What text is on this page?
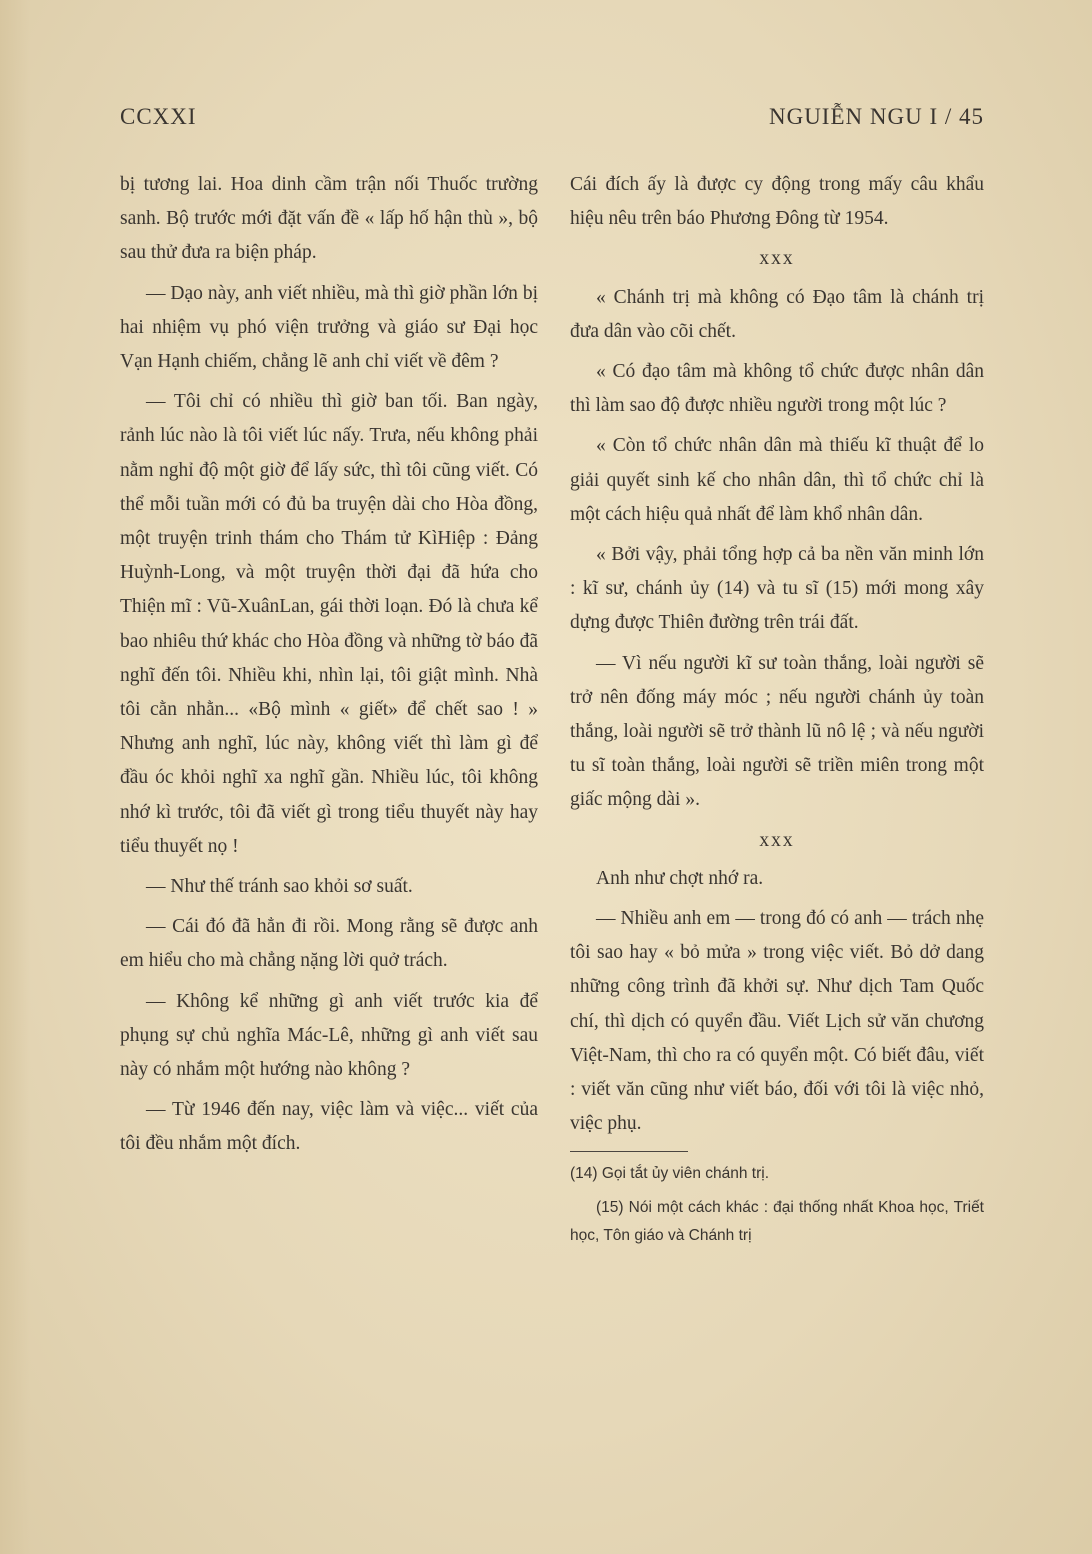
CCXXI	NGUIỄN NGU I / 45

bị tương lai. Hoa dinh cầm trận nối Thuốc trường sanh. Bộ trước mới đặt vấn đề « lấp hố hận thù », bộ sau thử đưa ra biện pháp.

— Dạo này, anh viết nhiều, mà thì giờ phần lớn bị hai nhiệm vụ phó viện trưởng và giáo sư Đại học Vạn Hạnh chiếm, chẳng lẽ anh chỉ viết về đêm ?

— Tôi chỉ có nhiều thì giờ ban tối. Ban ngày, rảnh lúc nào là tôi viết lúc nấy. Trưa, nếu không phải nằm nghỉ độ một giờ để lấy sức, thì tôi cũng viết. Có thể mỗi tuần mới có đủ ba truyện dài cho Hòa đồng, một truyện trinh thám cho Thám tử KìHiệp : Đảng Huỳnh-Long, và một truyện thời đại đã hứa cho Thiện mĩ : Vũ-XuânLan, gái thời loạn. Đó là chưa kể bao nhiêu thứ khác cho Hòa đồng và những tờ báo đã nghĩ đến tôi. Nhiều khi, nhìn lại, tôi giật mình. Nhà tôi cằn nhằn... «Bộ mình « giết» để chết sao ! » Nhưng anh nghĩ, lúc này, không viết thì làm gì để đầu óc khỏi nghĩ xa nghĩ gần. Nhiều lúc, tôi không nhớ kì trước, tôi đã viết gì trong tiểu thuyết này hay tiểu thuyết nọ !

— Như thế tránh sao khỏi sơ suất.

— Cái đó đã hẳn đi rồi. Mong rằng sẽ được anh em hiểu cho mà chẳng nặng lời quở trách.

— Không kể những gì anh viết trước kia để phụng sự chủ nghĩa Mác-Lê, những gì anh viết sau này có nhắm một hướng nào không ?

— Từ 1946 đến nay, việc làm và việc... viết của tôi đều nhắm một đích.

Cái đích ấy là được cy động trong mấy câu khẩu hiệu nêu trên báo Phương Đông từ 1954.

xxx

« Chánh trị mà không có Đạo tâm là chánh trị đưa dân vào cõi chết.

« Có đạo tâm mà không tổ chức được nhân dân thì làm sao độ được nhiều người trong một lúc ?

« Còn tổ chức nhân dân mà thiếu kĩ thuật để lo giải quyết sinh kế cho nhân dân, thì tổ chức chỉ là một cách hiệu quả nhất để làm khổ nhân dân.

« Bởi vậy, phải tổng hợp cả ba nền văn minh lớn : kĩ sư, chánh ủy (14) và tu sĩ (15) mới mong xây dựng được Thiên đường trên trái đất.

— Vì nếu người kĩ sư toàn thắng, loài người sẽ trở nên đống máy móc ; nếu người chánh ủy toàn thắng, loài người sẽ trở thành lũ nô lệ ; và nếu người tu sĩ toàn thắng, loài người sẽ triền miên trong một giấc mộng dài ».

xxx

Anh như chợt nhớ ra.

— Nhiều anh em — trong đó có anh — trách nhẹ tôi sao hay « bỏ mửa » trong việc viết. Bỏ dở dang những công trình đã khởi sự. Như dịch Tam Quốc chí, thì dịch có quyển đầu. Viết Lịch sử văn chương Việt-Nam, thì cho ra có quyển một. Có biết đâu, viết : viết văn cũng như viết báo, đối với tôi là việc nhỏ, việc phụ.

(14) Gọi tắt ủy viên chánh trị.

(15) Nói một cách khác : đại thống nhất Khoa học, Triết học, Tôn giáo và Chánh trị
